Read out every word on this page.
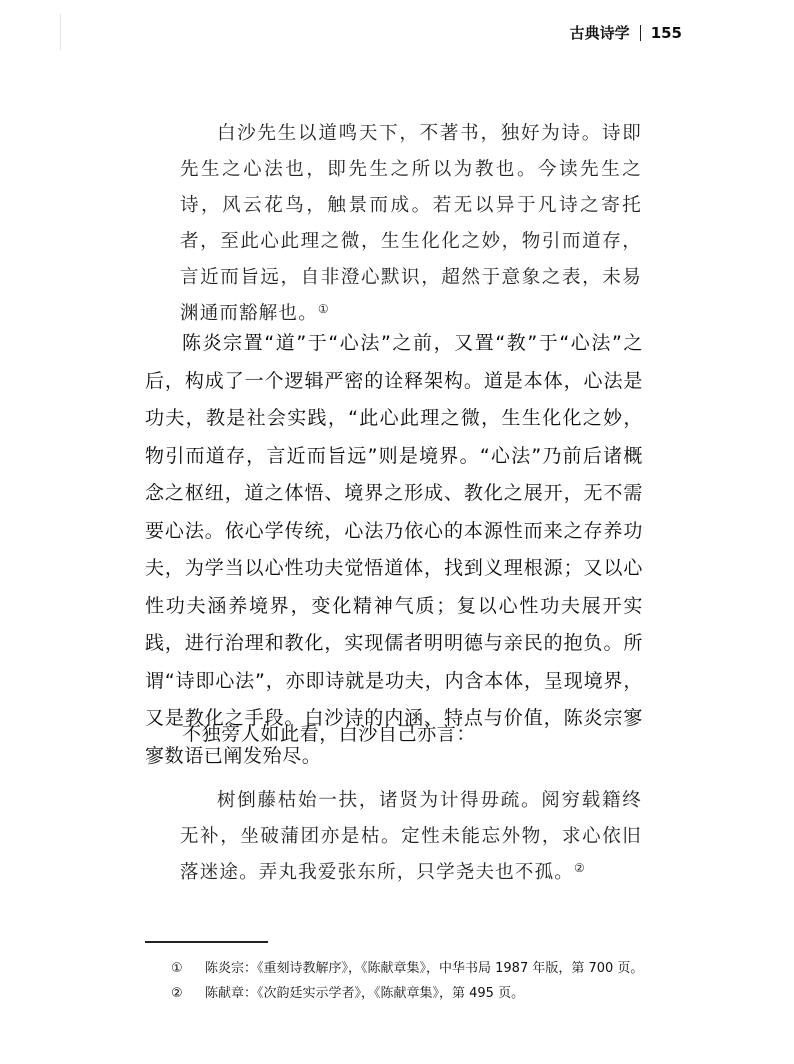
古典诗学 155

白沙先生以道鸣天下，不著书，独好为诗。诗即先生之心法也，即先生之所以为教也。今读先生之诗，风云花鸟，触景而成。若无以异于凡诗之寄托者，至此心此理之微，生生化化之妙，物引而道存，言近而旨远，自非澄心默识，超然于意象之表，未易渊通而豁解也。①

陈炎宗置“道”于“心法”之前，又置“教”于“心法”之后，构成了一个逻辑严密的诠释架构。道是本体，心法是功夫，教是社会实践，“此心此理之微，生生化化之妙，物引而道存，言近而旨远”则是境界。“心法”乃前后诸概念之枢纽，道之体悟、境界之形成、教化之展开，无不需要心法。依心学传统，心法乃依心的本源性而来之存养功夫，为学当以心性功夫觉悟道体，找到义理根源；又以心性功夫涵养境界，变化精神气质；复以心性功夫展开实践，进行治理和教化，实现儒者明明德与亲民的抱负。所谓“诗即心法”，亦即诗就是功夫，内含本体，呈现境界，又是教化之手段。白沙诗的内涵、特点与价值，陈炎宗寥寥数语已阐发殆尽。

不独旁人如此看，白沙自己亦言：

树倒藤枯始一扶，诸贤为计得毋疏。阅穷载籍终无补，坐破蒲团亦是枯。定性未能忘外物，求心依旧落迷途。弄丸我爱张东所，只学尧夫也不孤。②

①	陈炎宗：《重刻诗教解序》，《陈献章集》，中华书局 1987 年版，第 700 页。
②	陈献章：《次韵廷实示学者》，《陈献章集》，第 495 页。
